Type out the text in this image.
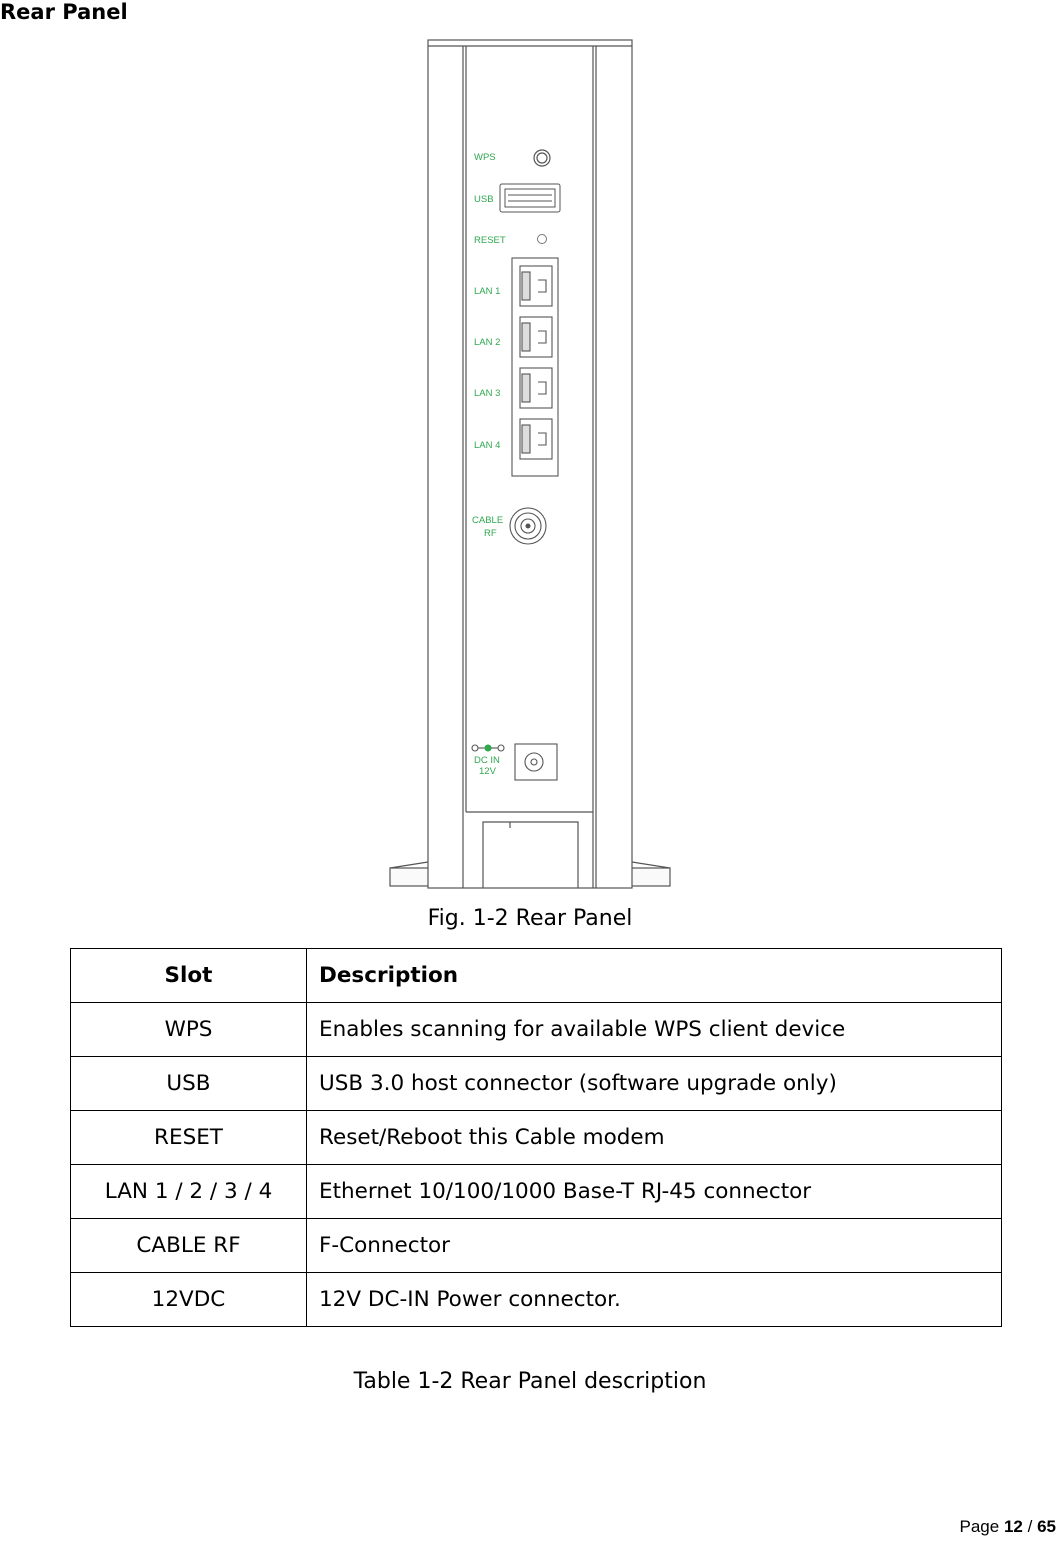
Rear Panel
WPS
USB
RESET
LAN 1
LAN 2
LAN 3
LAN 4
CABLE
RF
DC IN
12V
Fig. 1-2 Rear Panel
Slot	Description
WPS	Enables scanning for available WPS client device
USB	USB 3.0 host connector (software upgrade only)
RESET	Reset/Reboot this Cable modem
LAN 1 / 2 / 3 / 4	Ethernet 10/100/1000 Base-T RJ-45 connector
CABLE RF	F-Connector
12VDC	12V DC-IN Power connector.
Table 1-2 Rear Panel description
Page 12 / 65
